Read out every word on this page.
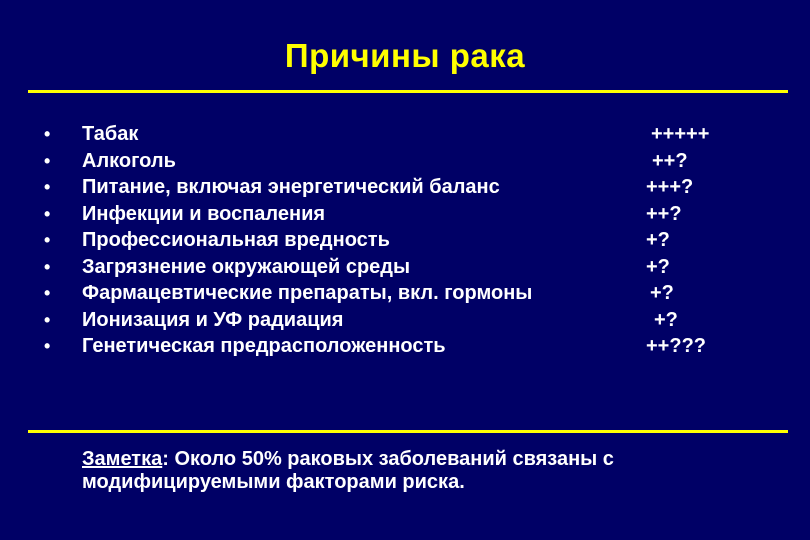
Причины рака
•	Табак	+++++
•	Алкоголь	++?
•	Питание, включая энергетический баланс	+++?
•	Инфекции и воспаления	++?
•	Профессиональная вредность	+?
•	Загрязнение окружающей среды	+?
•	Фармацевтические препараты, вкл. гормоны	+?
•	Ионизация и УФ радиация	+?
•	Генетическая предрасположенность	++???
Заметка: Около 50% раковых заболеваний связаны с модифицируемыми факторами риска.
